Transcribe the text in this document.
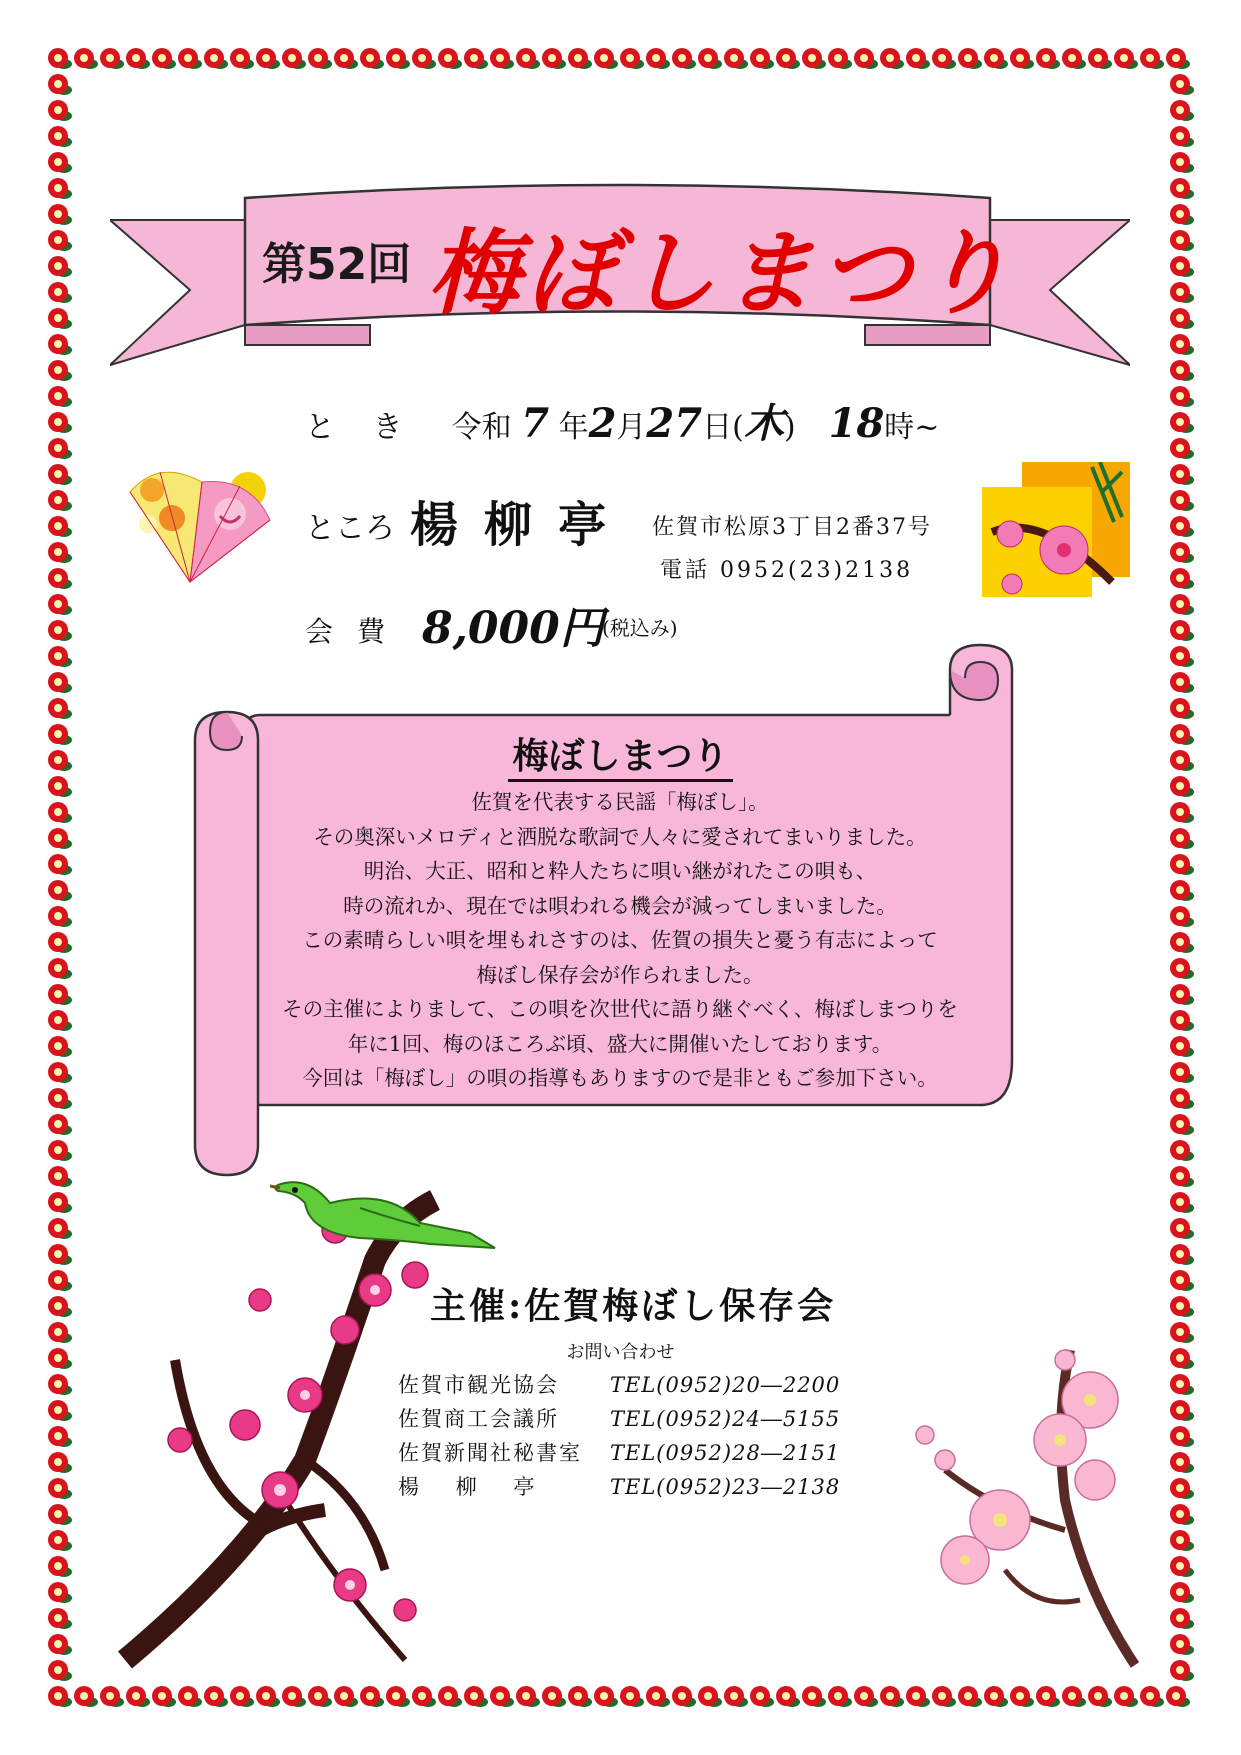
第52回 梅ぼしまつり
と き 令和 7 年2月27日(木) 18時~
ところ 楊柳亭 佐賀市松原3丁目2番37号
電話 0952(23)2138
会費 8,000円
(税込み)
梅ぼしまつり
佐賀を代表する民謡「梅ぼし」。
その奥深いメロディと洒脱な歌詞で人々に愛されてまいりました。
明治、大正、昭和と粋人たちに唄い継がれたこの唄も、
時の流れか、現在では唄われる機会が減ってしまいました。
この素晴らしい唄を埋もれさすのは、佐賀の損失と憂う有志によって
梅ぼし保存会が作られました。
その主催によりまして、この唄を次世代に語り継ぐべく、梅ぼしまつりを
年に1回、梅のほころぶ頃、盛大に開催いたしております。
今回は「梅ぼし」の唄の指導もありますので是非ともご参加下さい。
主催:佐賀梅ぼし保存会
お問い合わせ
佐賀市観光協会	TEL(0952)20―2200
佐賀商工会議所	TEL(0952)24―5155
佐賀新聞社秘書室	TEL(0952)28―2151
楊    柳    亭	TEL(0952)23―2138
